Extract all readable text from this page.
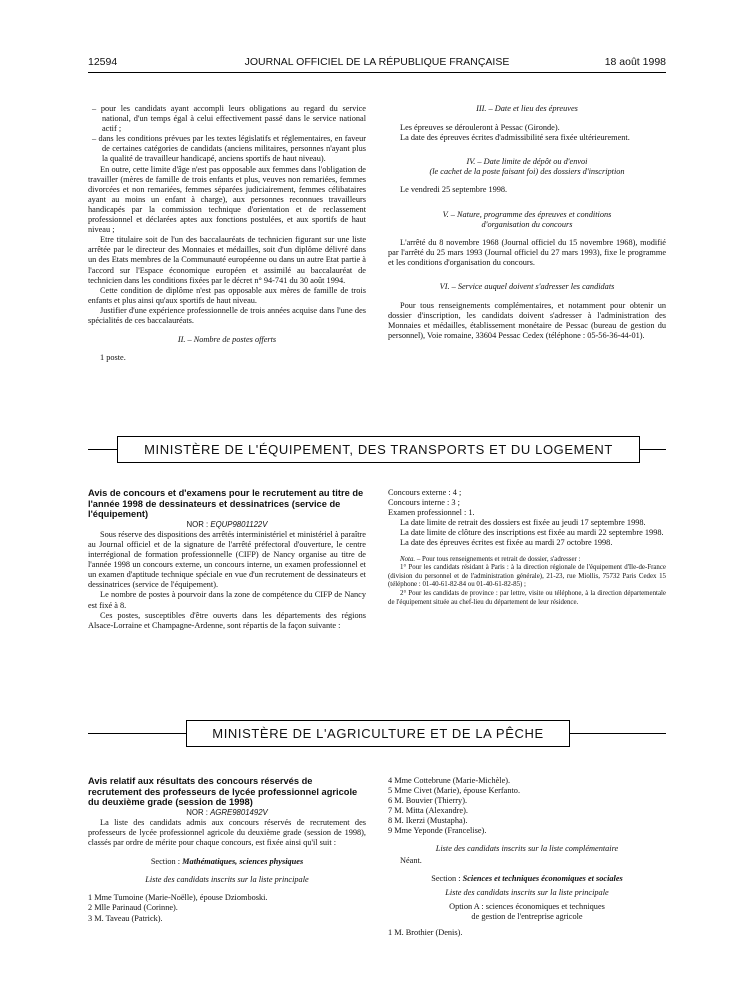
12594	JOURNAL OFFICIEL DE LA RÉPUBLIQUE FRANÇAISE	18 août 1998

– pour les candidats ayant accompli leurs obligations au regard du service national, d'un temps égal à celui effectivement passé dans le service national actif ;

– dans les conditions prévues par les textes législatifs et réglementaires, en faveur de certaines catégories de candidats (anciens militaires, personnes n'ayant plus la qualité de travailleur handicapé, anciens sportifs de haut niveau).

En outre, cette limite d'âge n'est pas opposable aux femmes dans l'obligation de travailler (mères de famille de trois enfants et plus, veuves non remariées, femmes divorcées et non remariées, femmes séparées judiciairement, femmes célibataires ayant au moins un enfant à charge), aux personnes reconnues travailleurs handicapés par la commission technique d'orientation et de reclassement professionnel et déclarées aptes aux fonctions postulées, et aux sportifs de haut niveau ;

Etre titulaire soit de l'un des baccalauréats de technicien figurant sur une liste arrêtée par le directeur des Monnaies et médailles, soit d'un diplôme délivré dans un des Etats membres de la Communauté européenne ou dans un autre Etat partie à l'accord sur l'Espace économique européen et assimilé au baccalauréat de technicien dans les conditions fixées par le décret n° 94-741 du 30 août 1994.

Cette condition de diplôme n'est pas opposable aux mères de famille de trois enfants et plus ainsi qu'aux sportifs de haut niveau.

Justifier d'une expérience professionnelle de trois années acquise dans l'une des spécialités de ces baccalauréats.

II. – Nombre de postes offerts

1 poste.

III. – Date et lieu des épreuves

Les épreuves se dérouleront à Pessac (Gironde).

La date des épreuves écrites d'admissibilité sera fixée ultérieurement.

IV. – Date limite de dépôt ou d'envoi

(le cachet de la poste faisant foi) des dossiers d'inscription

Le vendredi 25 septembre 1998.

V. – Nature, programme des épreuves et conditions

d'organisation du concours

L'arrêté du 8 novembre 1968 (Journal officiel du 15 novembre 1968), modifié par l'arrêté du 25 mars 1993 (Journal officiel du 27 mars 1993), fixe le programme et les conditions d'organisation du concours.

VI. – Service auquel doivent s'adresser les candidats

Pour tous renseignements complémentaires, et notamment pour obtenir un dossier d'inscription, les candidats doivent s'adresser à l'administration des Monnaies et médailles, établissement monétaire de Pessac (bureau de gestion du personnel), Voie romaine, 33604 Pessac Cedex (téléphone : 05-56-36-44-01).

MINISTÈRE DE L'ÉQUIPEMENT, DES TRANSPORTS ET DU LOGEMENT

Avis de concours et d'examens pour le recrutement au titre de l'année 1998 de dessinateurs et dessinatrices (service de l'équipement)

NOR : EQUP9801122V

Sous réserve des dispositions des arrêtés interministériel et ministériel à paraître au Journal officiel et de la signature de l'arrêté préfectoral d'ouverture, le centre interrégional de formation professionnelle (CIFP) de Nancy organise au titre de l'année 1998 un concours externe, un concours interne, un examen professionnel et un examen d'aptitude technique spéciale en vue d'un recrutement de dessinateurs et dessinatrices (service de l'équipement).

Le nombre de postes à pourvoir dans la zone de compétence du CIFP de Nancy est fixé à 8.

Ces postes, susceptibles d'être ouverts dans les départements des régions Alsace-Lorraine et Champagne-Ardenne, sont répartis de la façon suivante :

Concours externe : 4 ;

Concours interne : 3 ;

Examen professionnel : 1.

La date limite de retrait des dossiers est fixée au jeudi 17 septembre 1998.

La date limite de clôture des inscriptions est fixée au mardi 22 septembre 1998.

La date des épreuves écrites est fixée au mardi 27 octobre 1998.

Nota. – Pour tous renseignements et retrait de dossier, s'adresser :

1° Pour les candidats résidant à Paris : à la direction régionale de l'équipement d'Ile-de-France (division du personnel et de l'administration générale), 21-23, rue Miollis, 75732 Paris Cedex 15 (téléphone : 01-40-61-82-84 ou 01-40-61-82-85) ;

2° Pour les candidats de province : par lettre, visite ou téléphone, à la direction départementale de l'équipement située au chef-lieu du département de leur résidence.

MINISTÈRE DE L'AGRICULTURE ET DE LA PÊCHE

Avis relatif aux résultats des concours réservés de recrutement des professeurs de lycée professionnel agricole du deuxième grade (session de 1998)

NOR : AGRE9801492V

La liste des candidats admis aux concours réservés de recrutement des professeurs de lycée professionnel agricole du deuxième grade (session de 1998), classés par ordre de mérite pour chaque concours, est fixée ainsi qu'il suit :

Section : Mathématiques, sciences physiques

Liste des candidats inscrits sur la liste principale

1 Mme Tumoine (Marie-Noëlle), épouse Dziomboski.
2 Mlle Parinaud (Corinne).
3 M. Taveau (Patrick).
4 Mme Cottebrune (Marie-Michèle).
5 Mme Civet (Marie), épouse Kerfanto.
6 M. Bouvier (Thierry).
7 M. Mitta (Alexandre).
8 M. Ikerzi (Mustapha).
9 Mme Yeponde (Francelise).

Liste des candidats inscrits sur la liste complémentaire

Néant.

Section : Sciences et techniques économiques et sociales

Liste des candidats inscrits sur la liste principale

Option A : sciences économiques et techniques

de gestion de l'entreprise agricole

1 M. Brothier (Denis).
